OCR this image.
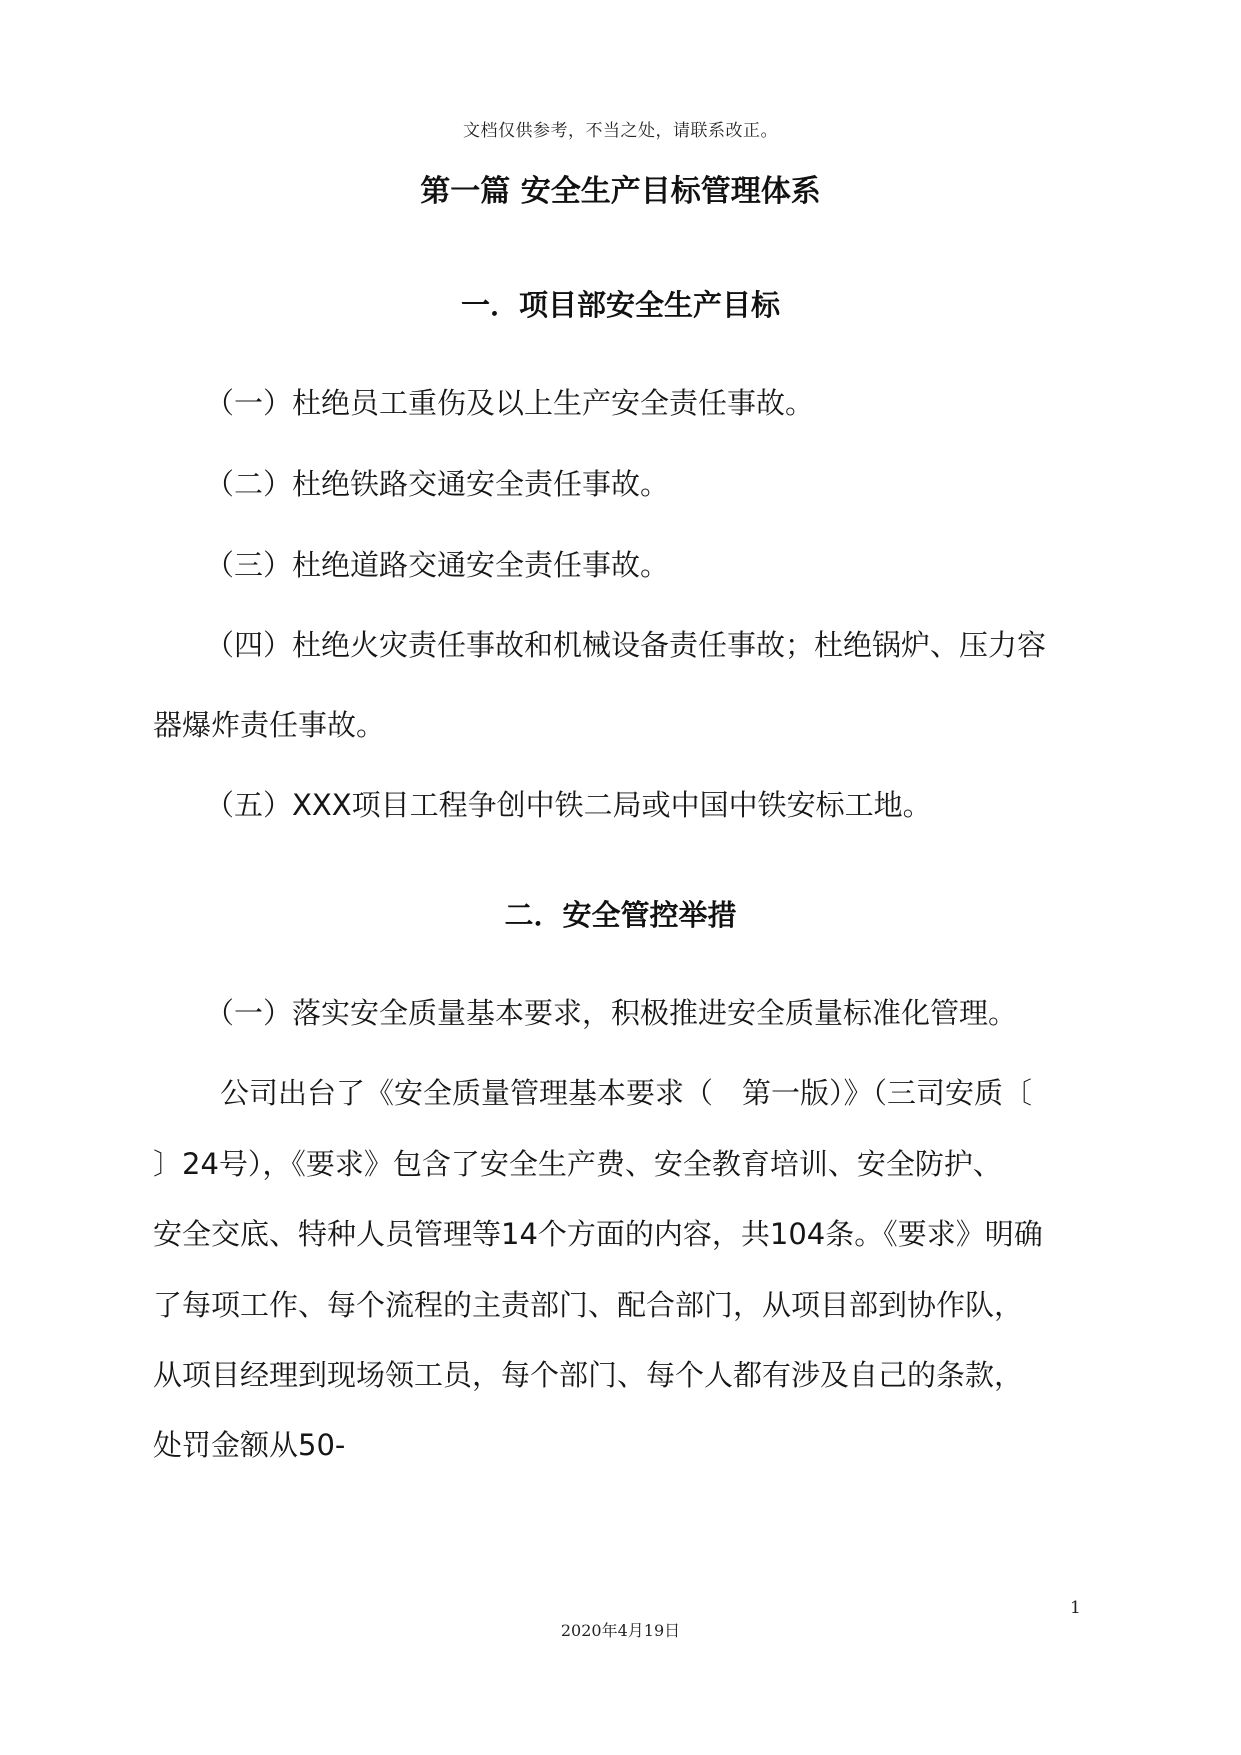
文档仅供参考，不当之处，请联系改正。
第一篇 安全生产目标管理体系
一．项目部安全生产目标
（一）杜绝员工重伤及以上生产安全责任事故。
（二）杜绝铁路交通安全责任事故。
（三）杜绝道路交通安全责任事故。
（四）杜绝火灾责任事故和机械设备责任事故；杜绝锅炉、压力容
器爆炸责任事故。
（五）XXX项目工程争创中铁二局或中国中铁安标工地。
二．安全管控举措
（一）落实安全质量基本要求，积极推进安全质量标准化管理。
公司出台了《安全质量管理基本要求（　第一版）》（三司安质〔
〕24号），《要求》包含了安全生产费、安全教育培训、安全防护、
安全交底、特种人员管理等14个方面的内容，共104条。《要求》明确
了每项工作、每个流程的主责部门、配合部门，从项目部到协作队，
从项目经理到现场领工员，每个部门、每个人都有涉及自己的条款，
处罚金额从50-
1
2020年4月19日
